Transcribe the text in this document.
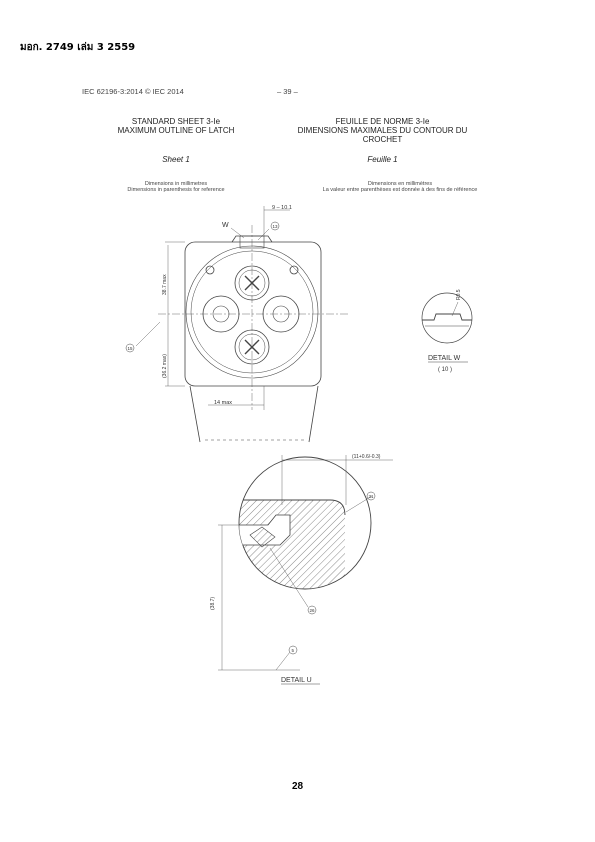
มอก. 2749 เล่ม 3 2559
IEC 62196-3:2014 © IEC 2014	– 39 –
STANDARD SHEET 3-Ie
MAXIMUM OUTLINE OF LATCH
Sheet 1
FEUILLE DE NORME 3-Ie
DIMENSIONS MAXIMALES DU CONTOUR DU
CROCHET
Feuille 1
Dimensions in millimetres
Dimensions in parenthesis for reference
Dimensions en millimètres
La valeur entre parenthèses est donnée à des fins de référence
9 – 10.1
W	13
15
38.7 max
(36.2 max)
14 max
R0.5
DETAIL W
( 10 )
(11+0.6/-0.3)
31
(38.7)
26
5
DETAIL U
28
